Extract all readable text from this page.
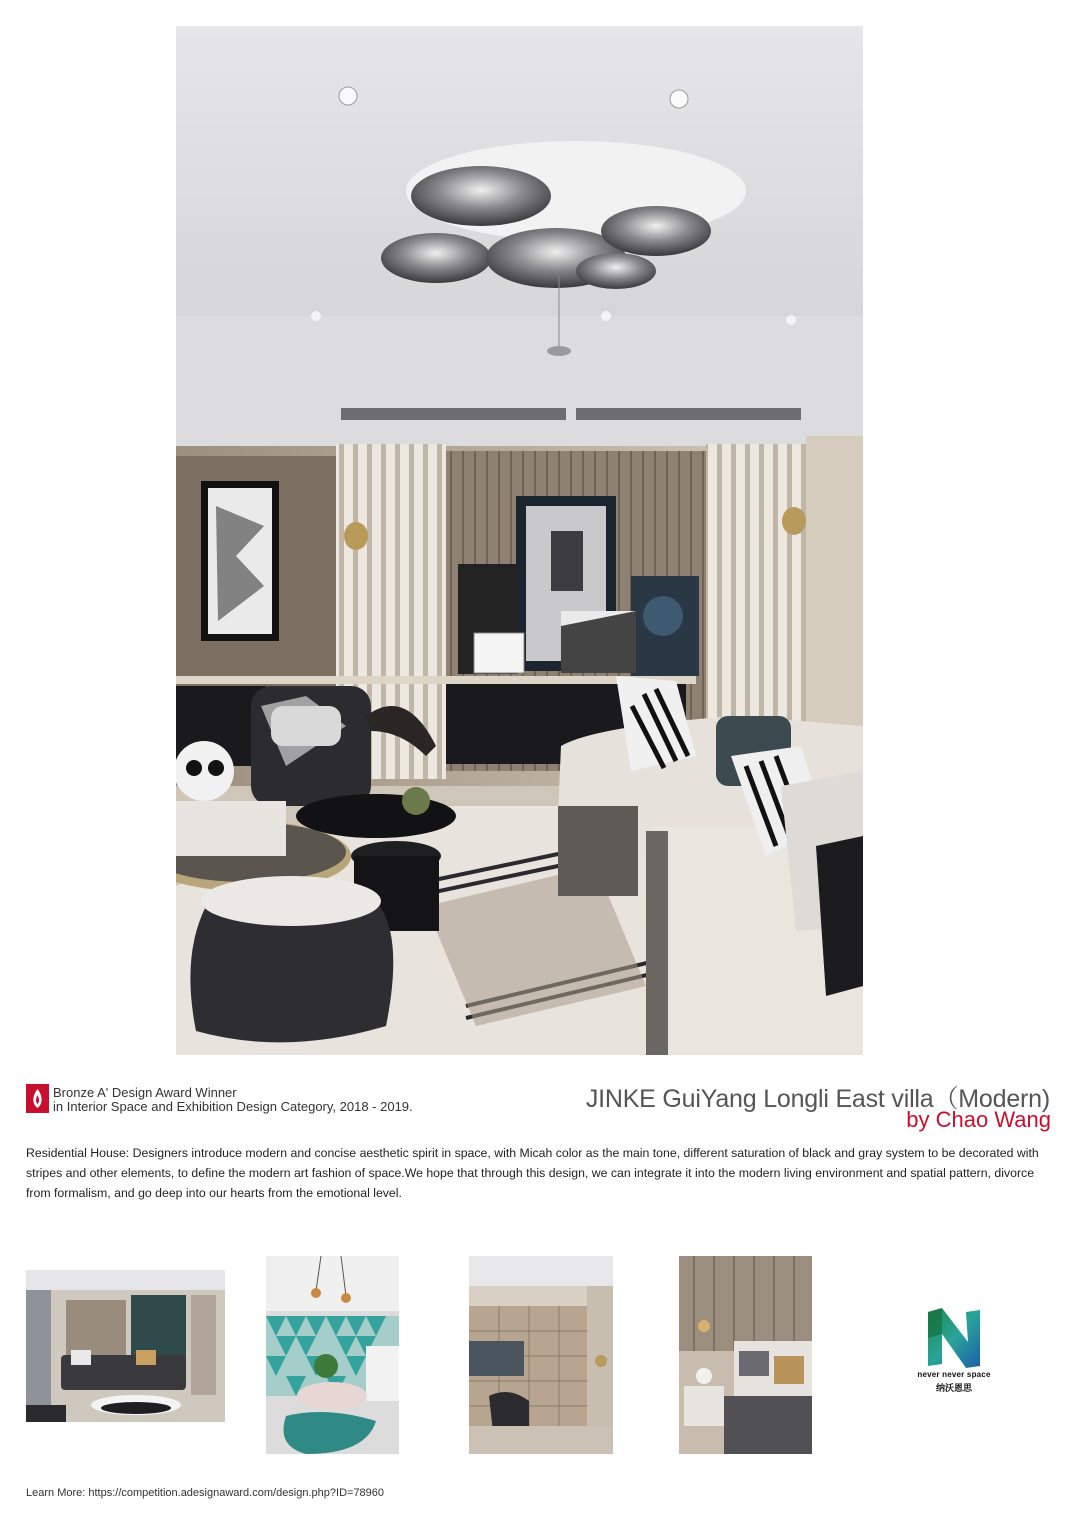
Bronze A' Design Award Winner
in Interior Space and Exhibition Design Category, 2018 - 2019.	JINKE GuiYang Longli East villa（Modern)
by Chao Wang
Residential House: Designers introduce modern and concise aesthetic spirit in space, with Micah color as the main tone, different saturation of black and gray system to be decorated with stripes and other elements, to define the modern art fashion of space.We hope that through this design, we can integrate it into the modern living environment and spatial pattern, divorce from formalism, and go deep into our hearts from the emotional level.
never never space
纳沃恩思
Learn More: https://competition.adesignaward.com/design.php?ID=78960
